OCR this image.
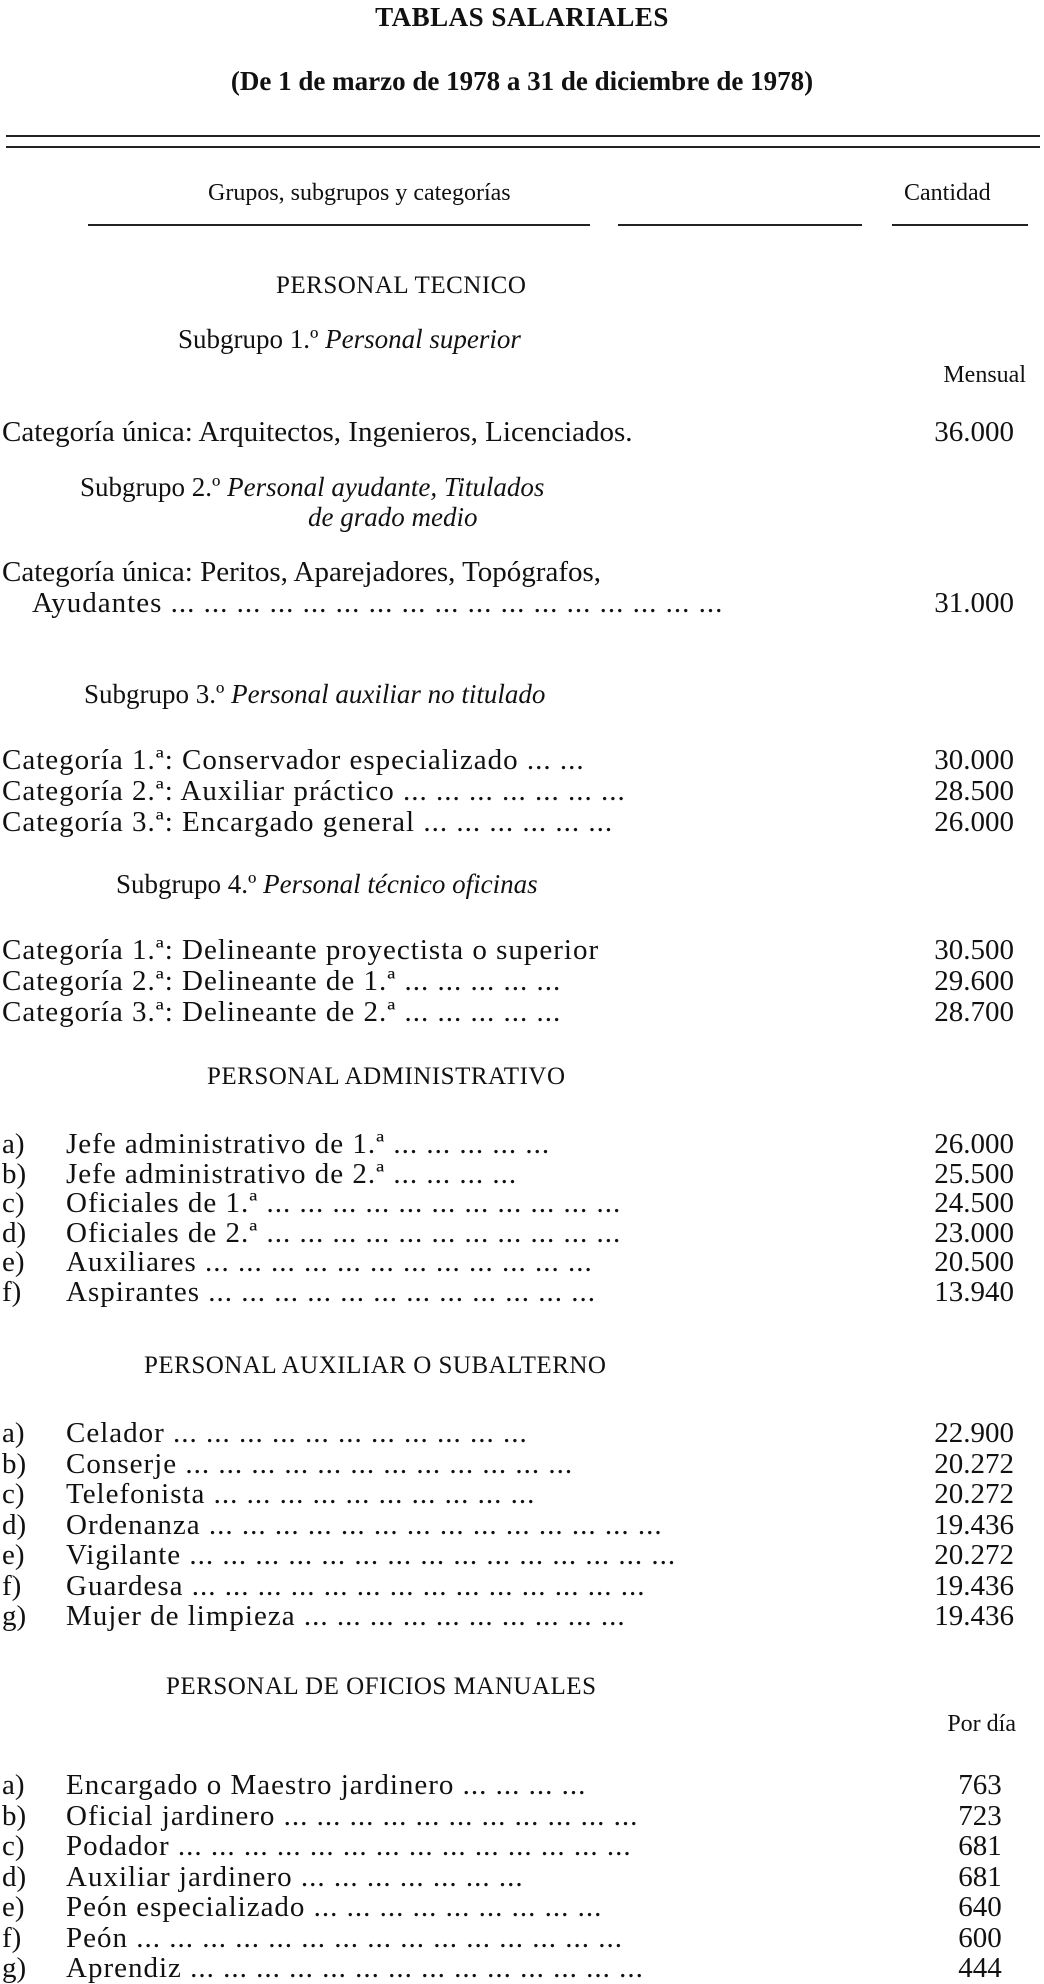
TABLAS SALARIALES
(De 1 de marzo de 1978 a 31 de diciembre de 1978)
Grupos, subgrupos y categorías	Cantidad
PERSONAL TECNICO
Subgrupo 1.º Personal superior
Mensual
Categoría única: Arquitectos, Ingenieros, Licenciados.	36.000
Subgrupo 2.º Personal ayudante, Titulados
de grado medio
Categoría única: Peritos, Aparejadores, Topógrafos,
Ayudantes ... ... ... ... ... ... ... ... ... ... ... ... ... ... ... ... ...	31.000
Subgrupo 3.º Personal auxiliar no titulado
Categoría 1.ª: Conservador especializado ... ...	30.000
Categoría 2.ª: Auxiliar práctico ... ... ... ... ... ... ...	28.500
Categoría 3.ª: Encargado general ... ... ... ... ... ...	26.000
Subgrupo 4.º Personal técnico oficinas
Categoría 1.ª: Delineante proyectista o superior	30.500
Categoría 2.ª: Delineante de 1.ª ... ... ... ... ...	29.600
Categoría 3.ª: Delineante de 2.ª ... ... ... ... ...	28.700
PERSONAL ADMINISTRATIVO
a)	Jefe administrativo de 1.ª ... ... ... ... ...	26.000
b)	Jefe administrativo de 2.ª ... ... ... ...	25.500
c)	Oficiales de 1.ª ... ... ... ... ... ... ... ... ... ... ...	24.500
d)	Oficiales de 2.ª ... ... ... ... ... ... ... ... ... ... ...	23.000
e)	Auxiliares ... ... ... ... ... ... ... ... ... ... ... ...	20.500
f)	Aspirantes ... ... ... ... ... ... ... ... ... ... ... ...	13.940
PERSONAL AUXILIAR O SUBALTERNO
a)	Celador ... ... ... ... ... ... ... ... ... ... ...	22.900
b)	Conserje ... ... ... ... ... ... ... ... ... ... ... ...	20.272
c)	Telefonista ... ... ... ... ... ... ... ... ... ...	20.272
d)	Ordenanza ... ... ... ... ... ... ... ... ... ... ... ... ... ...	19.436
e)	Vigilante ... ... ... ... ... ... ... ... ... ... ... ... ... ... ...	20.272
f)	Guardesa ... ... ... ... ... ... ... ... ... ... ... ... ... ...	19.436
g)	Mujer de limpieza ... ... ... ... ... ... ... ... ... ...	19.436
PERSONAL DE OFICIOS MANUALES
Por día
a)	Encargado o Maestro jardinero ... ... ... ...	763
b)	Oficial jardinero ... ... ... ... ... ... ... ... ... ... ...	723
c)	Podador ... ... ... ... ... ... ... ... ... ... ... ... ... ...	681
d)	Auxiliar jardinero ... ... ... ... ... ... ...	681
e)	Peón especializado ... ... ... ... ... ... ... ... ...	640
f)	Peón ... ... ... ... ... ... ... ... ... ... ... ... ... ... ...	600
g)	Aprendiz ... ... ... ... ... ... ... ... ... ... ... ... ... ...	444
